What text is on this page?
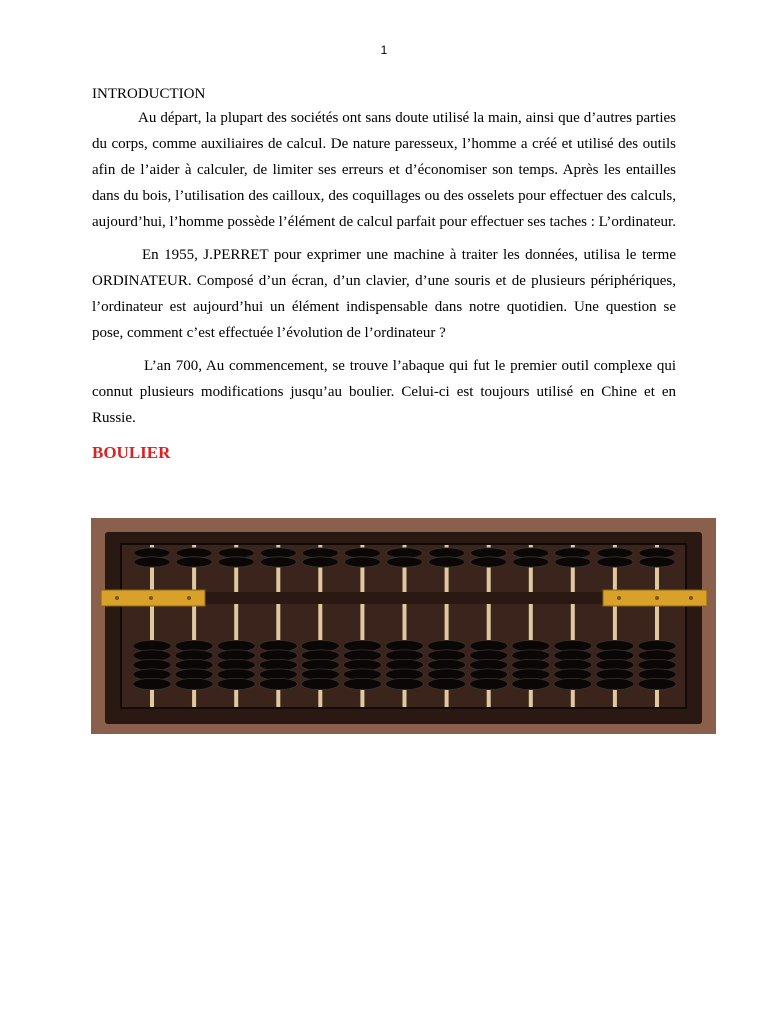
1
INTRODUCTION

Au départ, la plupart des sociétés ont sans doute utilisé la main, ainsi que d’autres parties du corps, comme auxiliaires de calcul. De nature paresseux, l’homme a créé et utilisé des outils afin de l’aider à calculer, de limiter ses erreurs et d’économiser son temps. Après les entailles dans du bois, l’utilisation des cailloux, des coquillages ou des osselets pour effectuer des calculs, aujourd’hui, l’homme possède l’élément de calcul parfait pour effectuer ses taches : L’ordinateur.

En 1955, J.PERRET pour exprimer une machine à traiter les données, utilisa le terme ORDINATEUR. Composé d’un écran, d’un clavier, d’une souris et de plusieurs périphériques, l’ordinateur est aujourd’hui un élément indispensable dans notre quotidien. Une question se pose, comment c’est effectuée l’évolution de l’ordinateur ?

L’an 700, Au commencement, se trouve l’abaque qui fut le premier outil complexe qui connut plusieurs modifications jusqu’au boulier. Celui-ci est toujours utilisé en Chine et en Russie.

BOULIER
